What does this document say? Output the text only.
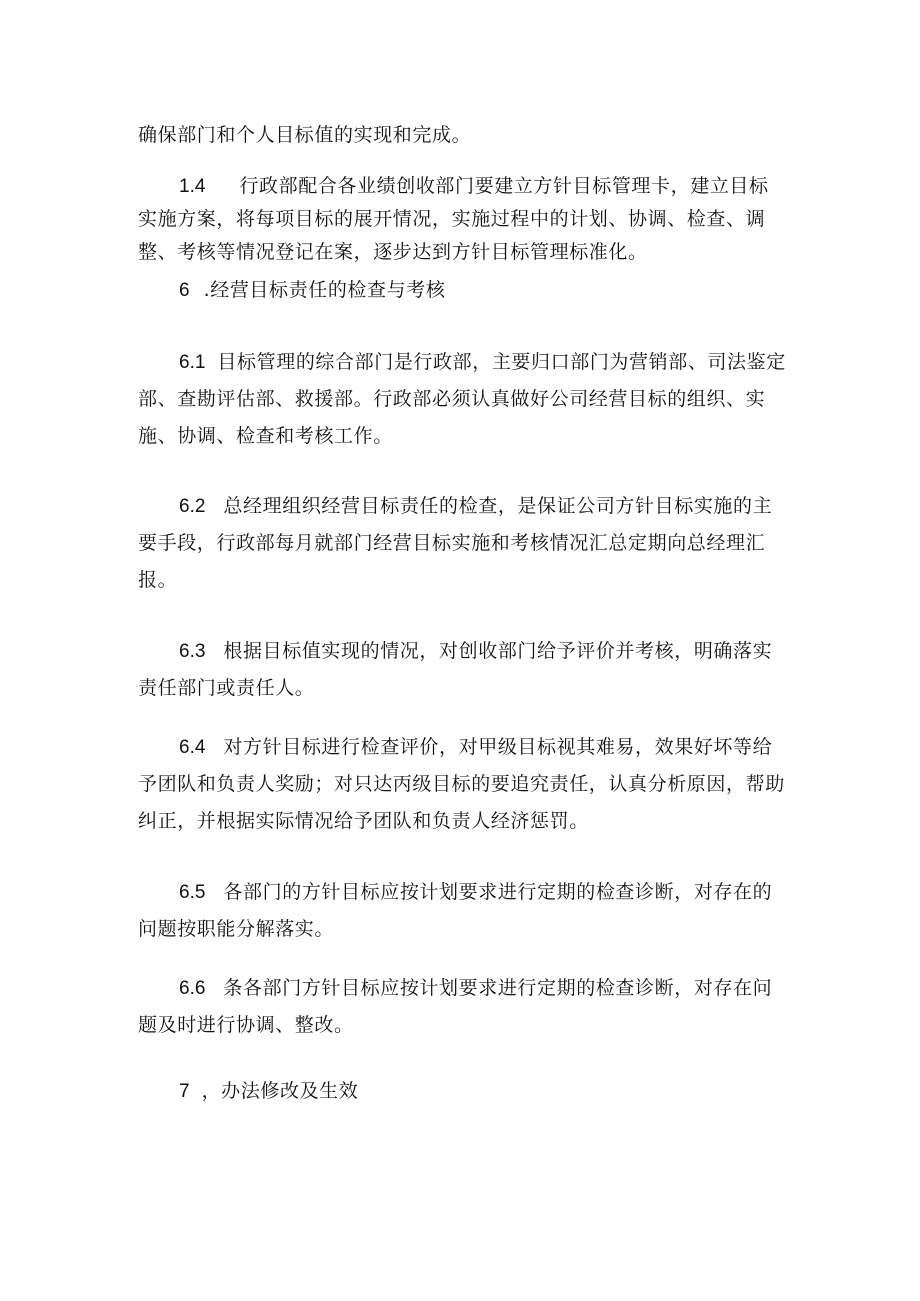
确保部门和个人目标值的实现和完成。

1.4 行政部配合各业绩创收部门要建立方针目标管理卡，建立目标实施方案，将每项目标的展开情况，实施过程中的计划、协调、检查、调整、考核等情况登记在案，逐步达到方针目标管理标准化。

6 .经营目标责任的检查与考核

6.1 目标管理的综合部门是行政部，主要归口部门为营销部、司法鉴定部、查勘评估部、救援部。行政部必须认真做好公司经营目标的组织、实施、协调、检查和考核工作。

6.2 总经理组织经营目标责任的检查，是保证公司方针目标实施的主要手段，行政部每月就部门经营目标实施和考核情况汇总定期向总经理汇报。

6.3 根据目标值实现的情况，对创收部门给予评价并考核，明确落实责任部门或责任人。

6.4 对方针目标进行检查评价，对甲级目标视其难易，效果好坏等给予团队和负责人奖励；对只达丙级目标的要追究责任，认真分析原因，帮助纠正，并根据实际情况给予团队和负责人经济惩罚。

6.5 各部门的方针目标应按计划要求进行定期的检查诊断，对存在的问题按职能分解落实。

6.6 条各部门方针目标应按计划要求进行定期的检查诊断，对存在问题及时进行协调、整改。

7 ，办法修改及生效
